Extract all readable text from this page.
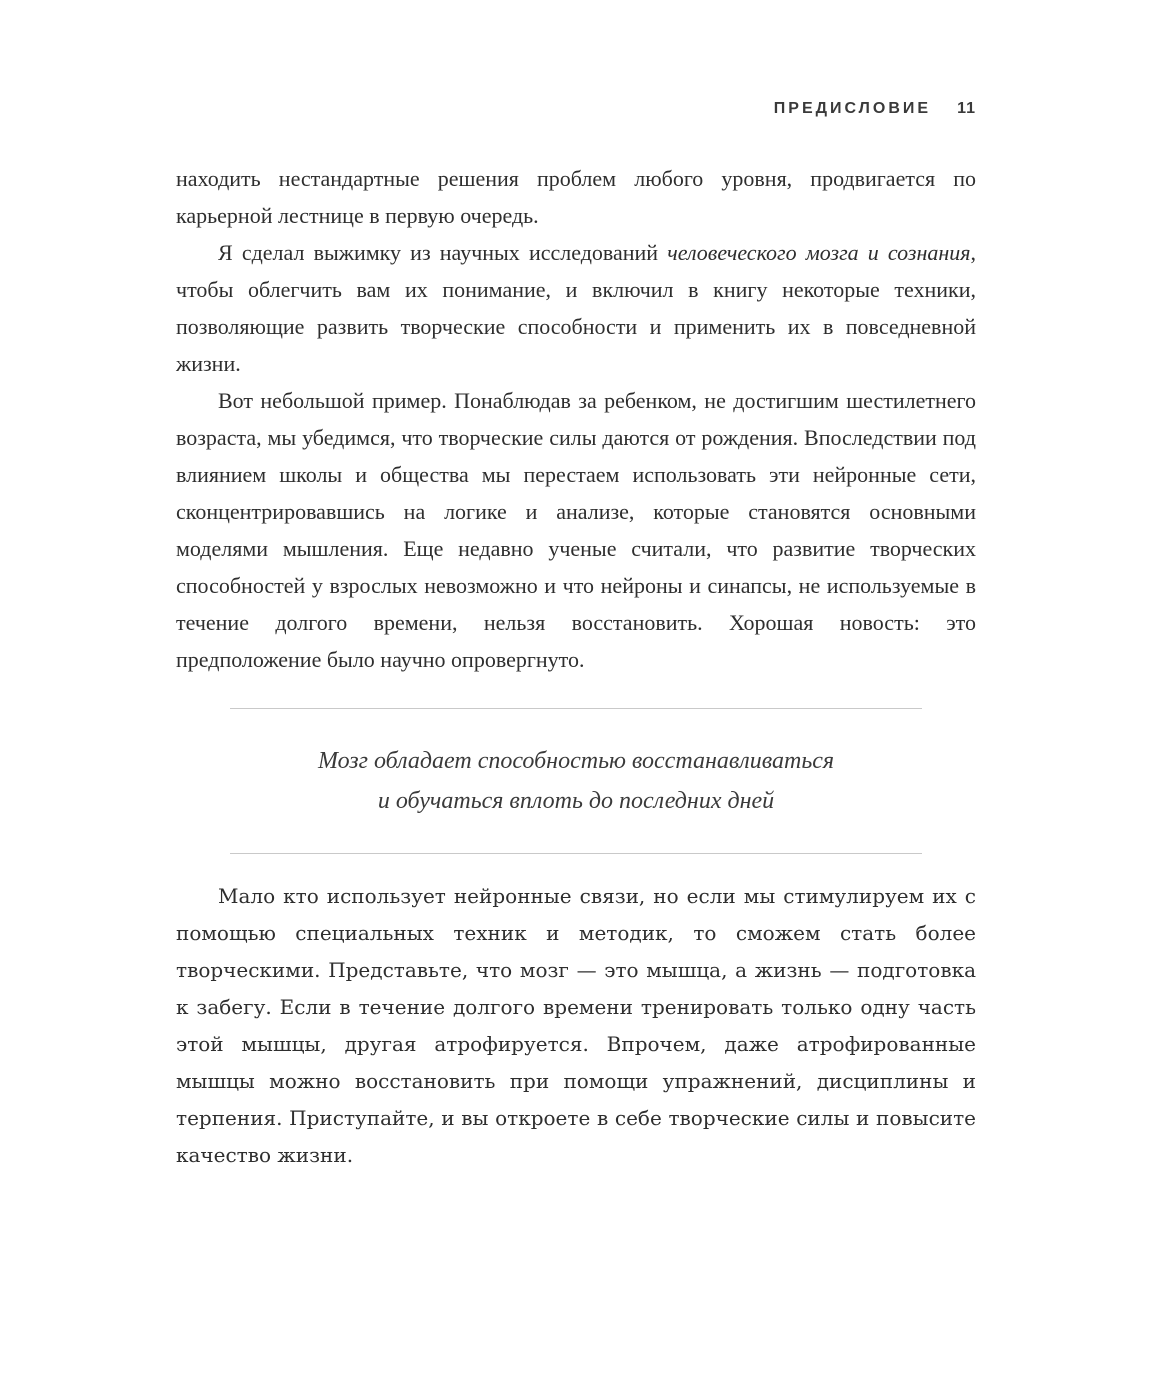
ПРЕДИСЛОВИЕ 11

находить нестандартные решения проблем любого уровня, продвигается по карьерной лестнице в первую очередь.

Я сделал выжимку из научных исследований человеческого мозга и сознания, чтобы облегчить вам их понимание, и включил в книгу некоторые техники, позволяющие развить творческие способности и применить их в повседневной жизни.

Вот небольшой пример. Понаблюдав за ребенком, не достигшим шестилетнего возраста, мы убедимся, что творческие силы даются от рождения. Впоследствии под влиянием школы и общества мы перестаем использовать эти нейронные сети, сконцентрировавшись на логике и анализе, которые становятся основными моделями мышления. Еще недавно ученые считали, что развитие творческих способностей у взрослых невозможно и что нейроны и синапсы, не используемые в течение долгого времени, нельзя восстановить. Хорошая новость: это предположение было научно опровергнуто.

Мозг обладает способностью восстанавливаться
и обучаться вплоть до последних дней

Мало кто использует нейронные связи, но если мы стимулируем их с помощью специальных техник и методик, то сможем стать более творческими. Представьте, что мозг — это мышца, а жизнь — подготовка к забегу. Если в течение долгого времени тренировать только одну часть этой мышцы, другая атрофируется. Впрочем, даже атрофированные мышцы можно восстановить при помощи упражнений, дисциплины и терпения. Приступайте, и вы откроете в себе творческие силы и повысите качество жизни.
